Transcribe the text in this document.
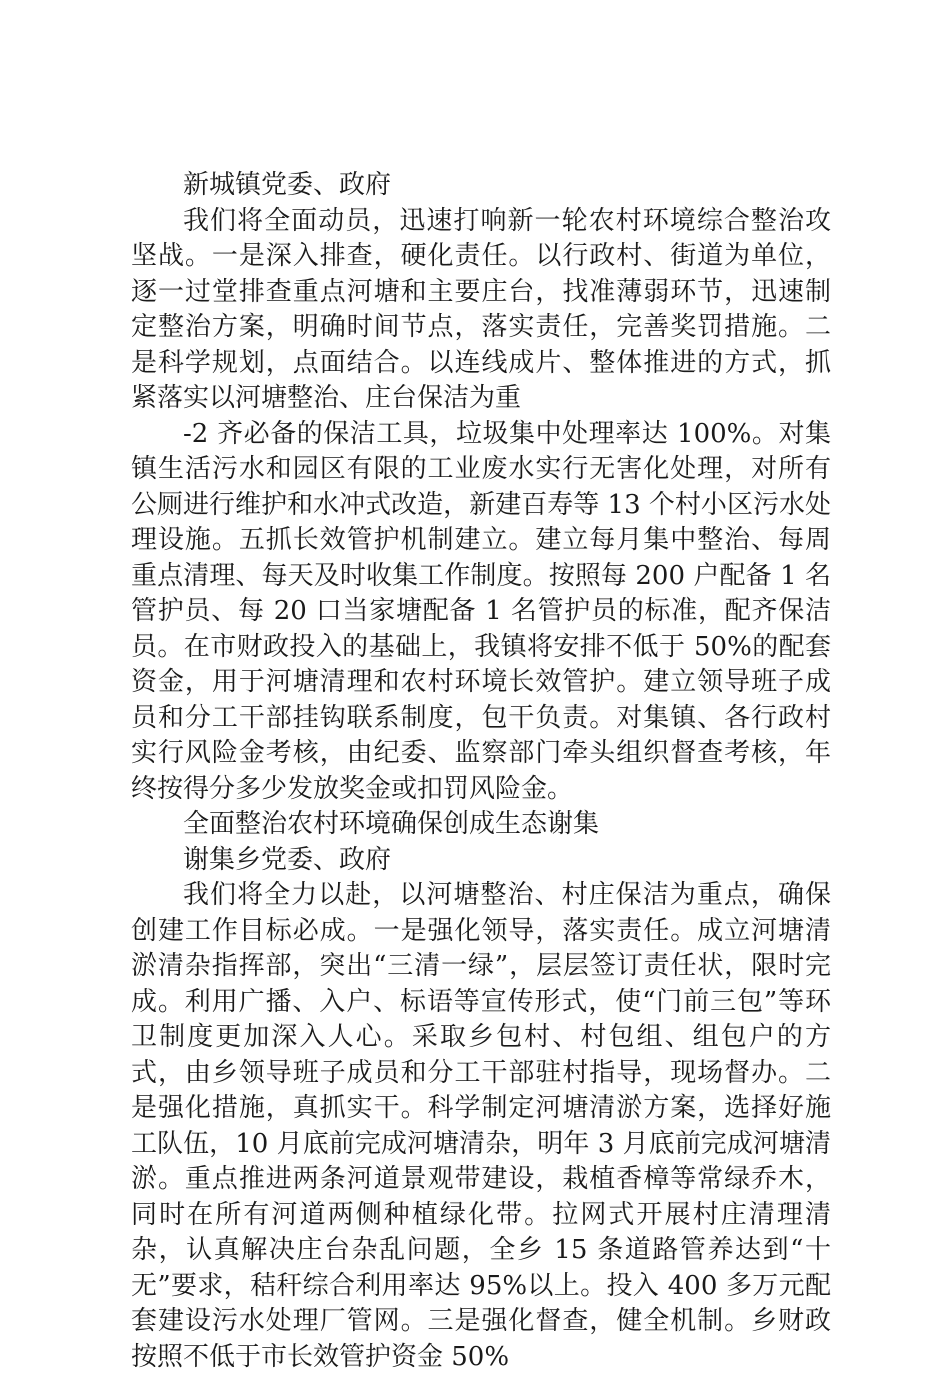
新城镇党委、政府

我们将全面动员，迅速打响新一轮农村环境综合整治攻坚战。一是深入排查，硬化责任。以行政村、街道为单位，逐一过堂排查重点河塘和主要庄台，找准薄弱环节，迅速制定整治方案，明确时间节点，落实责任，完善奖罚措施。二是科学规划，点面结合。以连线成片、整体推进的方式，抓紧落实以河塘整治、庄台保洁为重

-2 齐必备的保洁工具，垃圾集中处理率达 100%。对集镇生活污水和园区有限的工业废水实行无害化处理，对所有公厕进行维护和水冲式改造，新建百寿等 13 个村小区污水处理设施。五抓长效管护机制建立。建立每月集中整治、每周重点清理、每天及时收集工作制度。按照每 200 户配备 1 名管护员、每 20 口当家塘配备 1 名管护员的标准，配齐保洁员。在市财政投入的基础上，我镇将安排不低于 50%的配套资金，用于河塘清理和农村环境长效管护。建立领导班子成员和分工干部挂钩联系制度，包干负责。对集镇、各行政村实行风险金考核，由纪委、监察部门牵头组织督查考核，年终按得分多少发放奖金或扣罚风险金。

全面整治农村环境确保创成生态谢集

谢集乡党委、政府

我们将全力以赴，以河塘整治、村庄保洁为重点，确保创建工作目标必成。一是强化领导，落实责任。成立河塘清淤清杂指挥部，突出“三清一绿”，层层签订责任状，限时完成。利用广播、入户、标语等宣传形式，使“门前三包”等环卫制度更加深入人心。采取乡包村、村包组、组包户的方式，由乡领导班子成员和分工干部驻村指导，现场督办。二是强化措施，真抓实干。科学制定河塘清淤方案，选择好施工队伍，10 月底前完成河塘清杂，明年 3 月底前完成河塘清淤。重点推进两条河道景观带建设，栽植香樟等常绿乔木，同时在所有河道两侧种植绿化带。拉网式开展村庄清理清杂，认真解决庄台杂乱问题，全乡 15 条道路管养达到“十无”要求，秸秆综合利用率达 95%以上。投入 400 多万元配套建设污水处理厂管网。三是强化督查，健全机制。乡财政按照不低于市长效管护资金 50%
